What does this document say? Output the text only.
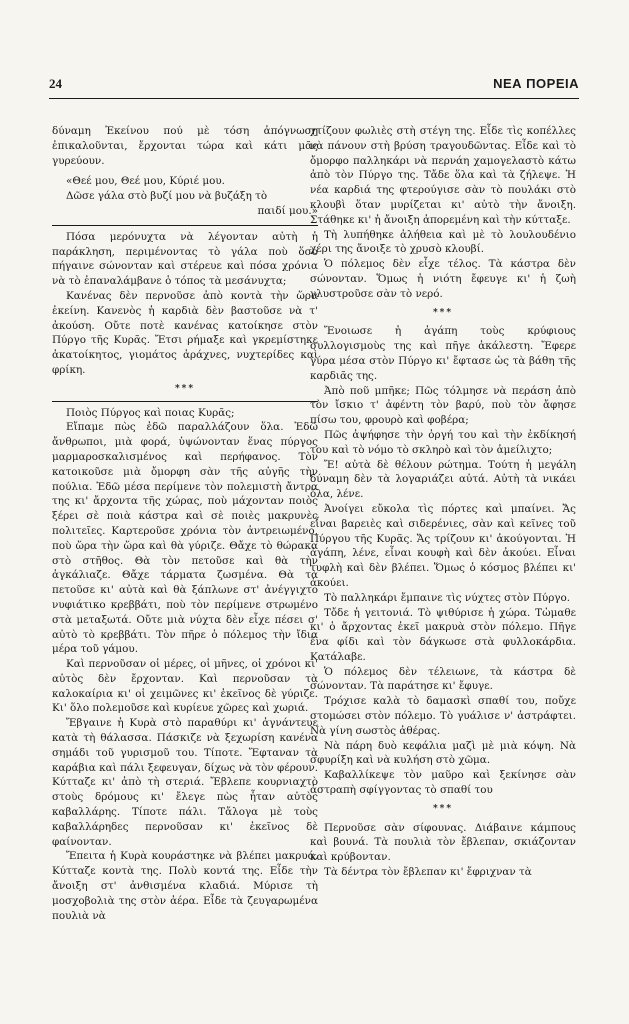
24	ΝΕΑ ΠΟΡΕΙΑ

δύναμη Ἐκείνου πού μὲ τόση ἀπόγνωση ἐπικαλοῦνται, ἔρχονται τώρα καὶ κάτι μᾶς γυρεύουν.

«Θεέ μου, Θεέ μου, Κύριέ μου.
Δῶσε γάλα στὸ βυζί μου νὰ βυζάξη τὸ
παιδί μου.»

Πόσα μερόνυχτα νὰ λέγονταν αὐτὴ ἡ παράκληση, περιμένοντας τὸ γάλα ποὺ ὅσο πήγαινε σώνονταν καὶ στέρευε καὶ πόσα χρόνια νὰ τὸ ἐπαναλάμβανε ὁ τόπος τὰ μεσάνυχτα;

Κανένας δὲν περνοῦσε ἀπὸ κοντὰ τὴν ὥρα ἐκείνη. Κανενὸς ἡ καρδιὰ δὲν βαστοῦσε νὰ τ' ἀκούση. Οὔτε ποτὲ κανένας κατοίκησε στὸν Πύργο τῆς Κυρᾶς. Ἔτσι ρήμαξε καὶ γκρεμίστηκε ἀκατοίκητος, γιομάτος ἀράχνες, νυχτερίδες καὶ φρίκη.

***

Ποιὸς Πύργος καὶ ποιας Κυρᾶς;

Εἴπαμε πὼς ἐδῶ παραλλάζουν ὅλα. Ἐδῶ ἄνθρωποι, μιὰ φορά, ὑψώνονταν ἕνας πύργος μαρμαροσκαλισμένος καὶ περήφανος. Τὸν κατοικοῦσε μιὰ ὄμορφη σὰν τῆς αὐγῆς τὴν πούλια. Ἐδῶ μέσα περίμενε τὸν πολεμιστὴ ἄντρα της κι' ἄρχοντα τῆς χώρας, ποὺ μάχονταν ποιὸς ξέρει σὲ ποιὰ κάστρα καὶ σὲ ποιὲς μακρυνὲς πολιτεῖες. Καρτεροῦσε χρόνια τὸν ἀντρειωμένο, ποὺ ὥρα τὴν ὥρα καὶ θὰ γύριζε. Θἄχε τὸ θώρακα στὸ στῆθος. Θὰ τὸν πετοῦσε καὶ θὰ τὴν ἀγκάλιαζε. Θἄχε τάρματα ζωσμένα. Θὰ τὰ πετοῦσε κι' αὐτὰ καὶ θὰ ξάπλωνε στ' ἀνέγγιχτο νυφιάτικο κρεββάτι, ποὺ τὸν περίμενε στρωμένο στὰ μεταξωτά. Οὔτε μιὰ νύχτα δὲν εἶχε πέσει σ' αὐτὸ τὸ κρεββάτι. Τὸν πῆρε ὁ πόλεμος τὴν ἴδια μέρα τοῦ γάμου.

Καὶ περνοῦσαν οἱ μέρες, οἱ μῆνες, οἱ χρόνοι κι' αὐτὸς δὲν ἔρχονταν. Καὶ περνοῦσαν τὰ καλοκαίρια κι' οἱ χειμῶνες κι' ἐκεῖνος δὲ γύριζε. Κι' ὅλο πολεμοῦσε καὶ κυρίευε χῶρες καὶ χωριά.

Ἔβγαινε ἡ Κυρὰ στὸ παραθύρι κι' ἀγνάντευε κατὰ τὴ θάλασσα. Πάσκιζε νὰ ξεχωρίση κανένα σημάδι τοῦ γυρισμοῦ του. Τίποτε. Ἔφταναν τὰ καράβια καὶ πάλι ξεφευγαν, δίχως νὰ τὸν φέρουν. Κύτταζε κι' ἀπὸ τὴ στεριά. Ἔβλεπε κουρνιαχτὸ στοὺς δρόμους κι' ἔλεγε πὼς ἦταν αὐτὸς καβαλλάρης. Τίποτε πάλι. Τἄλογα μὲ τοὺς καβαλλάρηδες περνοῦσαν κι' ἐκεῖνος δὲ φαίνονταν.

Ἔπειτα ἡ Κυρὰ κουράστηκε νὰ βλέπει μακρυά. Κύτταζε κοντὰ της. Πολὺ κοντά της. Εἶδε τὴν ἄνοιξη στ' ἀνθισμένα κλαδιά. Μύρισε τὴ μοσχοβολιὰ της στὸν ἀέρα. Εἶδε τὰ ζευγαρωμένα πουλιὰ νὰ

χτίζουν φωλιὲς στὴ στέγη της. Εἶδε τὶς κοπέλλες νὰ πάνουν στὴ βρύση τραγουδῶντας. Εἶδε καὶ τὸ ὄμορφο παλληκάρι νὰ περνάη χαμογελαστὸ κάτω ἀπὸ τὸν Πύργο της. Τἄδε ὅλα καὶ τὰ ζήλεψε. Ἡ νέα καρδιά της φτερούγισε σὰν τὸ πουλάκι στὸ κλουβὶ ὅταν μυρίζεται κι' αὐτὸ τὴν ἄνοιξη. Στάθηκε κι' ἡ ἄνοιξη ἀπορεμένη καὶ τὴν κύτταξε.

Τὴ λυπήθηκε ἀλήθεια καὶ μὲ τὸ λουλουδένιο χέρι της ἄνοιξε τὸ χρυσὸ κλουβί.

Ὁ πόλεμος δὲν εἶχε τέλος. Τὰ κάστρα δὲν σώνονταν. Ὅμως ἡ νιότη ἔφευγε κι' ἡ ζωὴ γλυστροῦσε σὰν τὸ νερό.

***

Ἔνοιωσε ἡ ἀγάπη τοὺς κρύφιους συλλογισμοὺς της καὶ πῆγε ἀκάλεστη. Ἔφερε γύρα μέσα στὸν Πύργο κι' ἔφτασε ὡς τὰ βάθη τῆς καρδιᾶς της.

Ἀπὸ ποῦ μπῆκε; Πῶς τόλμησε νὰ περάση ἀπὸ τὸν ἴσκιο τ' ἀφέντη τὸν βαρύ, ποὺ τὸν ἄφησε πίσω του, φρουρὸ καὶ φοβέρα;

Πῶς ἀψήφησε τὴν ὀργή του καὶ τὴν ἐκδίκησή του καὶ τὸ νόμο τὸ σκληρὸ καὶ τὸν ἀμείλιχτο;

Ἔ! αὐτὰ δὲ θέλουν ρώτημα. Τούτη ἡ μεγάλη δύναμη δὲν τὰ λογαριάζει αὐτά. Αὐτὴ τὰ νικάει ὅλα, λένε.

Ἀνοίγει εὔκολα τὶς πόρτες καὶ μπαίνει. Ἄς εἶναι βαρειὲς καὶ σιδερένιες, σὰν καὶ κεῖνες τοῦ Πύργου τῆς Κυρᾶς. Ἄς τρίζουν κι' ἀκούγονται. Ἡ ἀγάπη, λένε, εἶναι κουφὴ καὶ δὲν ἀκούει. Εἶναι τυφλὴ καὶ δὲν βλέπει. Ὅμως ὁ κόσμος βλέπει κι' ἀκούει.

Τὸ παλληκάρι ἔμπαινε τὶς νύχτες στὸν Πύργο.

Τὄδε ἡ γειτονιά. Τὸ ψιθύρισε ἡ χώρα. Τὠμαθε κι' ὁ ἄρχοντας ἐκεῖ μακρυὰ στὸν πόλεμο. Πῆγε ἕνα φίδι καὶ τὸν δάγκωσε στὰ φυλλοκάρδια. Κατάλαβε.

Ὁ πόλεμος δὲν τέλειωνε, τὰ κάστρα δὲ σώνονταν. Τὰ παράτησε κι' ἔφυγε.

Τρόχισε καλὰ τὸ δαμασκὶ σπαθί του, ποὔχε στομώσει στὸν πόλεμο. Τὸ γυάλισε ν' ἀστράφτει. Νὰ γίνη σωστὸς ἀθέρας.

Νὰ πάρη δυὸ κεφάλια μαζὶ μὲ μιὰ κόψη. Νὰ σφυρίξη καὶ νὰ κυλήση στὸ χῶμα.

Καβαλλίκεψε τὸν μαῦρο καὶ ξεκίνησε σὰν ἀστραπὴ σφίγγοντας τὸ σπαθί του

***

Περνοῦσε σὰν σίφουνας. Διάβαινε κάμπους καὶ βουνά. Τὰ πουλιὰ τὸν ἔβλεπαν, σκιάζονταν καὶ κρύβονταν.

Τὰ δέντρα τὸν ἔβλεπαν κι' ἔφριχναν τὰ
